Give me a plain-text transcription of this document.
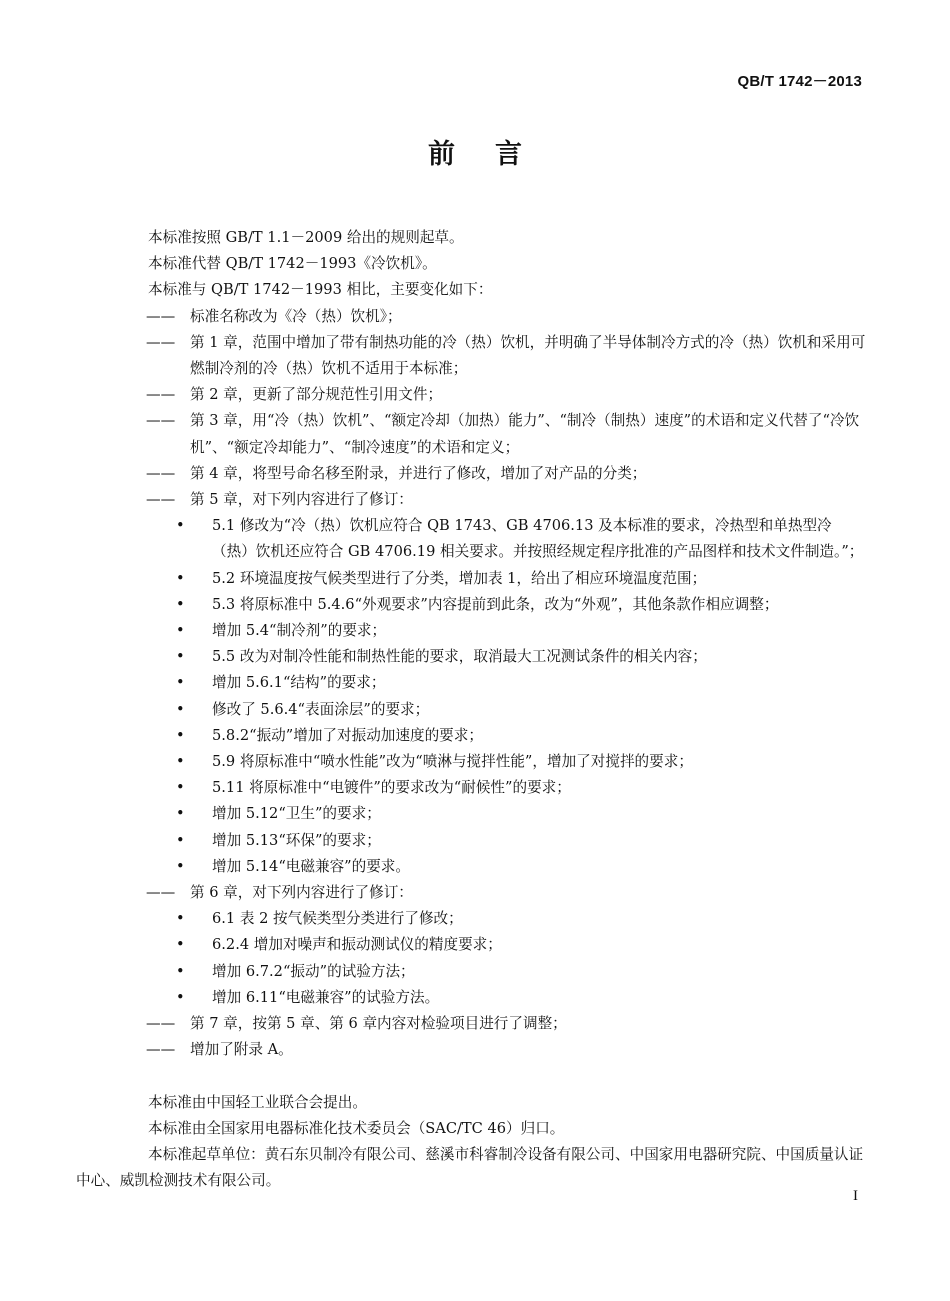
QB/T 1742－2013
前言
本标准按照 GB/T 1.1－2009 给出的规则起草。
本标准代替 QB/T 1742－1993《冷饮机》。
本标准与 QB/T 1742－1993 相比，主要变化如下：
——	标准名称改为《冷（热）饮机》；
——	第 1 章，范围中增加了带有制热功能的冷（热）饮机，并明确了半导体制冷方式的冷（热）饮机和采用可燃制冷剂的冷（热）饮机不适用于本标准；
——	第 2 章，更新了部分规范性引用文件；
——	第 3 章，用“冷（热）饮机”、“额定冷却（加热）能力”、“制冷（制热）速度”的术语和定义代替了“冷饮机”、“额定冷却能力”、“制冷速度”的术语和定义；
——	第 4 章，将型号命名移至附录，并进行了修改，增加了对产品的分类；
——	第 5 章，对下列内容进行了修订：
•	5.1 修改为“冷（热）饮机应符合 QB 1743、GB 4706.13 及本标准的要求，冷热型和单热型冷（热）饮机还应符合 GB 4706.19 相关要求。并按照经规定程序批准的产品图样和技术文件制造。”；
•	5.2 环境温度按气候类型进行了分类，增加表 1，给出了相应环境温度范围；
•	5.3 将原标准中 5.4.6“外观要求”内容提前到此条，改为“外观”，其他条款作相应调整；
•	增加 5.4“制冷剂”的要求；
•	5.5 改为对制冷性能和制热性能的要求，取消最大工况测试条件的相关内容；
•	增加 5.6.1“结构”的要求；
•	修改了 5.6.4“表面涂层”的要求；
•	5.8.2“振动”增加了对振动加速度的要求；
•	5.9 将原标准中“喷水性能”改为“喷淋与搅拌性能”，增加了对搅拌的要求；
•	5.11 将原标准中“电镀件”的要求改为“耐候性”的要求；
•	增加 5.12“卫生”的要求；
•	增加 5.13“环保”的要求；
•	增加 5.14“电磁兼容”的要求。
——	第 6 章，对下列内容进行了修订：
•	6.1 表 2 按气候类型分类进行了修改；
•	6.2.4 增加对噪声和振动测试仪的精度要求；
•	增加 6.7.2“振动”的试验方法；
•	增加 6.11“电磁兼容”的试验方法。
——	第 7 章，按第 5 章、第 6 章内容对检验项目进行了调整；
——	增加了附录 A。
本标准由中国轻工业联合会提出。
本标准由全国家用电器标准化技术委员会（SAC/TC 46）归口。
本标准起草单位：黄石东贝制冷有限公司、慈溪市科睿制冷设备有限公司、中国家用电器研究院、中国质量认证中心、威凯检测技术有限公司。
I
